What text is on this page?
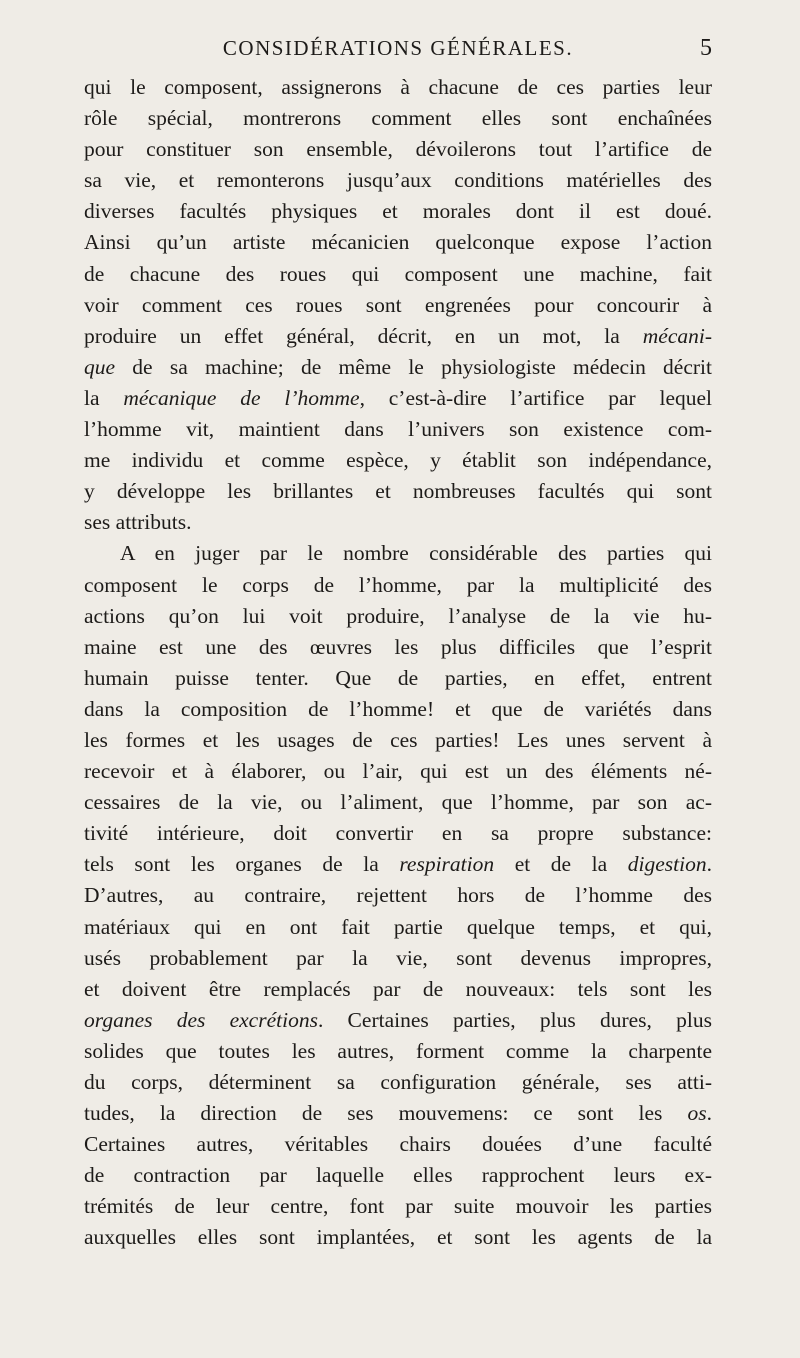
CONSIDÉRATIONS GÉNÉRALES.	5
qui le composent, assignerons à chacune de ces parties leur
rôle spécial, montrerons comment elles sont enchaînées
pour constituer son ensemble, dévoilerons tout l’artifice de
sa vie, et remonterons jusqu’aux conditions matérielles des
diverses facultés physiques et morales dont il est doué.
Ainsi qu’un artiste mécanicien quelconque expose l’action
de chacune des roues qui composent une machine, fait
voir comment ces roues sont engrenées pour concourir à
produire un effet général, décrit, en un mot, la mécani-
que de sa machine; de même le physiologiste médecin décrit
la mécanique de l’homme, c’est-à-dire l’artifice par lequel
l’homme vit, maintient dans l’univers son existence com-
me individu et comme espèce, y établit son indépendance,
y développe les brillantes et nombreuses facultés qui sont
ses attributs.
A en juger par le nombre considérable des parties qui
composent le corps de l’homme, par la multiplicité des
actions qu’on lui voit produire, l’analyse de la vie hu-
maine est une des œuvres les plus difficiles que l’esprit
humain puisse tenter. Que de parties, en effet, entrent
dans la composition de l’homme! et que de variétés dans
les formes et les usages de ces parties! Les unes servent à
recevoir et à élaborer, ou l’air, qui est un des éléments né-
cessaires de la vie, ou l’aliment, que l’homme, par son ac-
tivité intérieure, doit convertir en sa propre substance:
tels sont les organes de la respiration et de la digestion.
D’autres, au contraire, rejettent hors de l’homme des
matériaux qui en ont fait partie quelque temps, et qui,
usés probablement par la vie, sont devenus impropres,
et doivent être remplacés par de nouveaux: tels sont les
organes des excrétions. Certaines parties, plus dures, plus
solides que toutes les autres, forment comme la charpente
du corps, déterminent sa configuration générale, ses atti-
tudes, la direction de ses mouvemens: ce sont les os.
Certaines autres, véritables chairs douées d’une faculté
de contraction par laquelle elles rapprochent leurs ex-
trémités de leur centre, font par suite mouvoir les parties
auxquelles elles sont implantées, et sont les agents de la
